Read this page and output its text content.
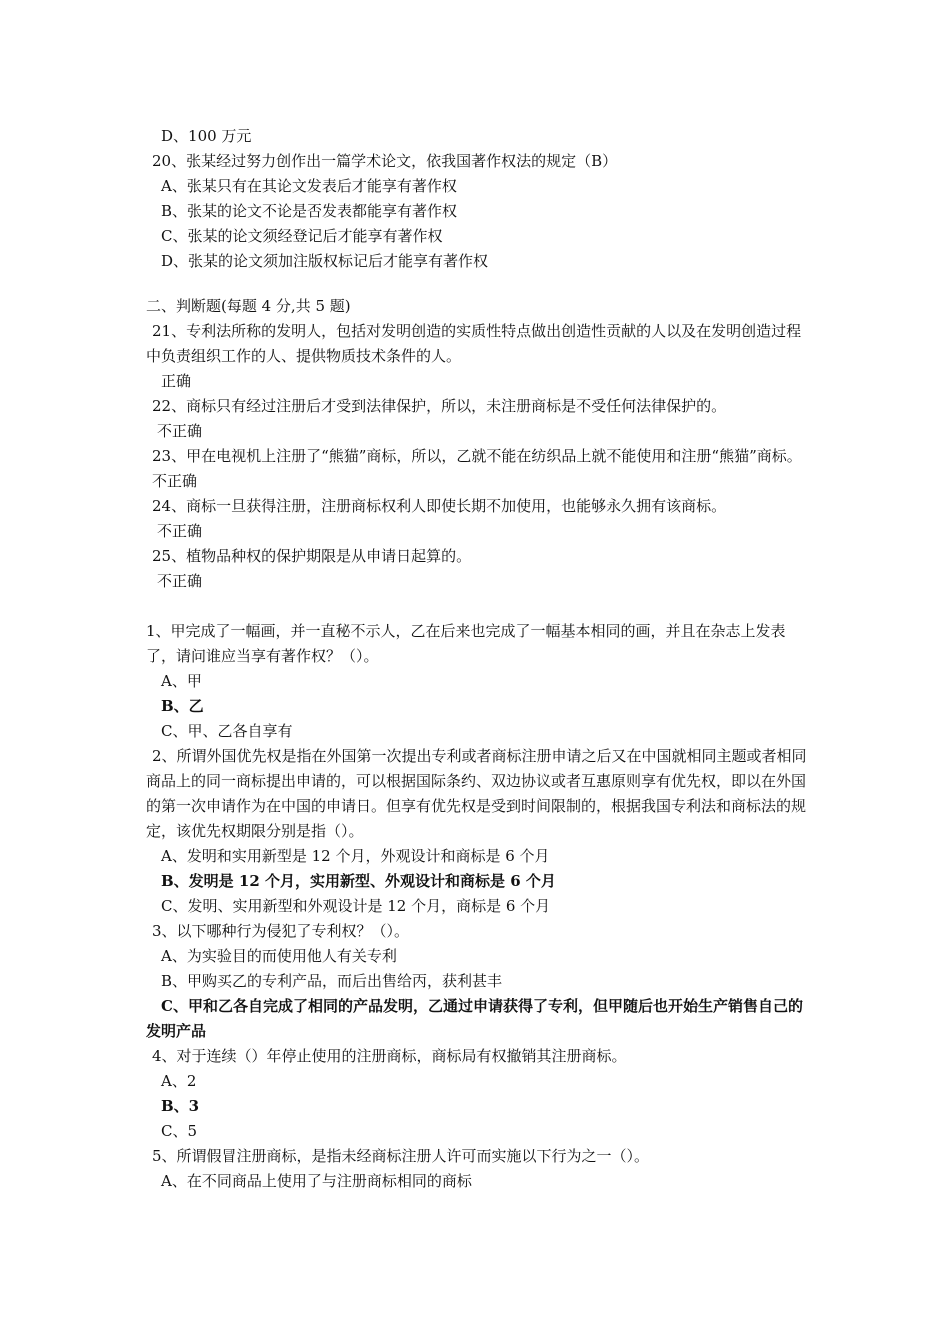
D、100 万元
20、张某经过努力创作出一篇学术论文，依我国著作权法的规定（B）
A、张某只有在其论文发表后才能享有著作权
B、张某的论文不论是否发表都能享有著作权
C、张某的论文须经登记后才能享有著作权
D、张某的论文须加注版权标记后才能享有著作权
二、判断题(每题 4 分,共 5 题)
21、专利法所称的发明人，包括对发明创造的实质性特点做出创造性贡献的人以及在发明创造过程中负责组织工作的人、提供物质技术条件的人。
正确
22、商标只有经过注册后才受到法律保护，所以，未注册商标是不受任何法律保护的。
不正确
23、甲在电视机上注册了“熊猫”商标，所以，乙就不能在纺织品上就不能使用和注册“熊猫”商标。
不正确
24、商标一旦获得注册，注册商标权利人即使长期不加使用，也能够永久拥有该商标。
不正确
25、植物品种权的保护期限是从申请日起算的。
不正确
1、甲完成了一幅画，并一直秘不示人，乙在后来也完成了一幅基本相同的画，并且在杂志上发表了，请问谁应当享有著作权？（）。
A、甲
B、乙
C、甲、乙各自享有
2、所谓外国优先权是指在外国第一次提出专利或者商标注册申请之后又在中国就相同主题或者相同商品上的同一商标提出申请的，可以根据国际条约、双边协议或者互惠原则享有优先权，即以在外国的第一次申请作为在中国的申请日。但享有优先权是受到时间限制的，根据我国专利法和商标法的规定，该优先权期限分别是指（）。
A、发明和实用新型是 12 个月，外观设计和商标是 6 个月
B、发明是 12 个月，实用新型、外观设计和商标是 6 个月
C、发明、实用新型和外观设计是 12 个月，商标是 6 个月
3、以下哪种行为侵犯了专利权？（）。
A、为实验目的而使用他人有关专利
B、甲购买乙的专利产品，而后出售给丙，获利甚丰
C、甲和乙各自完成了相同的产品发明，乙通过申请获得了专利，但甲随后也开始生产销售自己的发明产品
4、对于连续（）年停止使用的注册商标，商标局有权撤销其注册商标。
A、2
B、3
C、5
5、所谓假冒注册商标，是指未经商标注册人许可而实施以下行为之一（）。
A、在不同商品上使用了与注册商标相同的商标
